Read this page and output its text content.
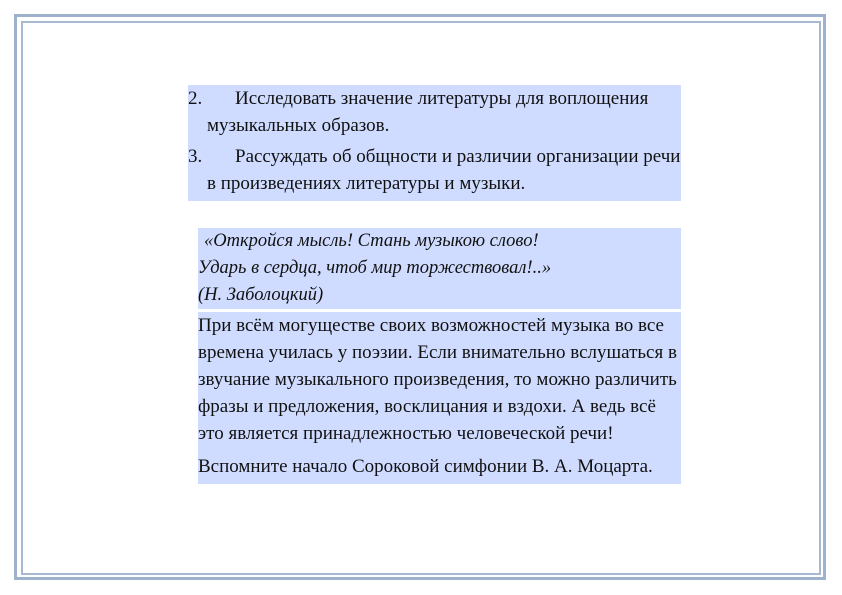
2.	Исследовать значение литературы для воплощения музыкальных образов.
3.	Рассуждать об общности и различии организации речи в произведениях литературы и музыки.
«Откройся мысль! Стань музыкою слово!
Ударь в сердца, чтоб мир торжествовал!..»
(Н. Заболоцкий)

При всём могуществе своих возможностей музыка во все времена училась у поэзии. Если внимательно вслушаться в звучание музыкального произведения, то можно различить фразы и предложения, восклицания и вздохи. А ведь всё это является принадлежностью человеческой речи!

Вспомните начало Сороковой симфонии В. А. Моцарта.
